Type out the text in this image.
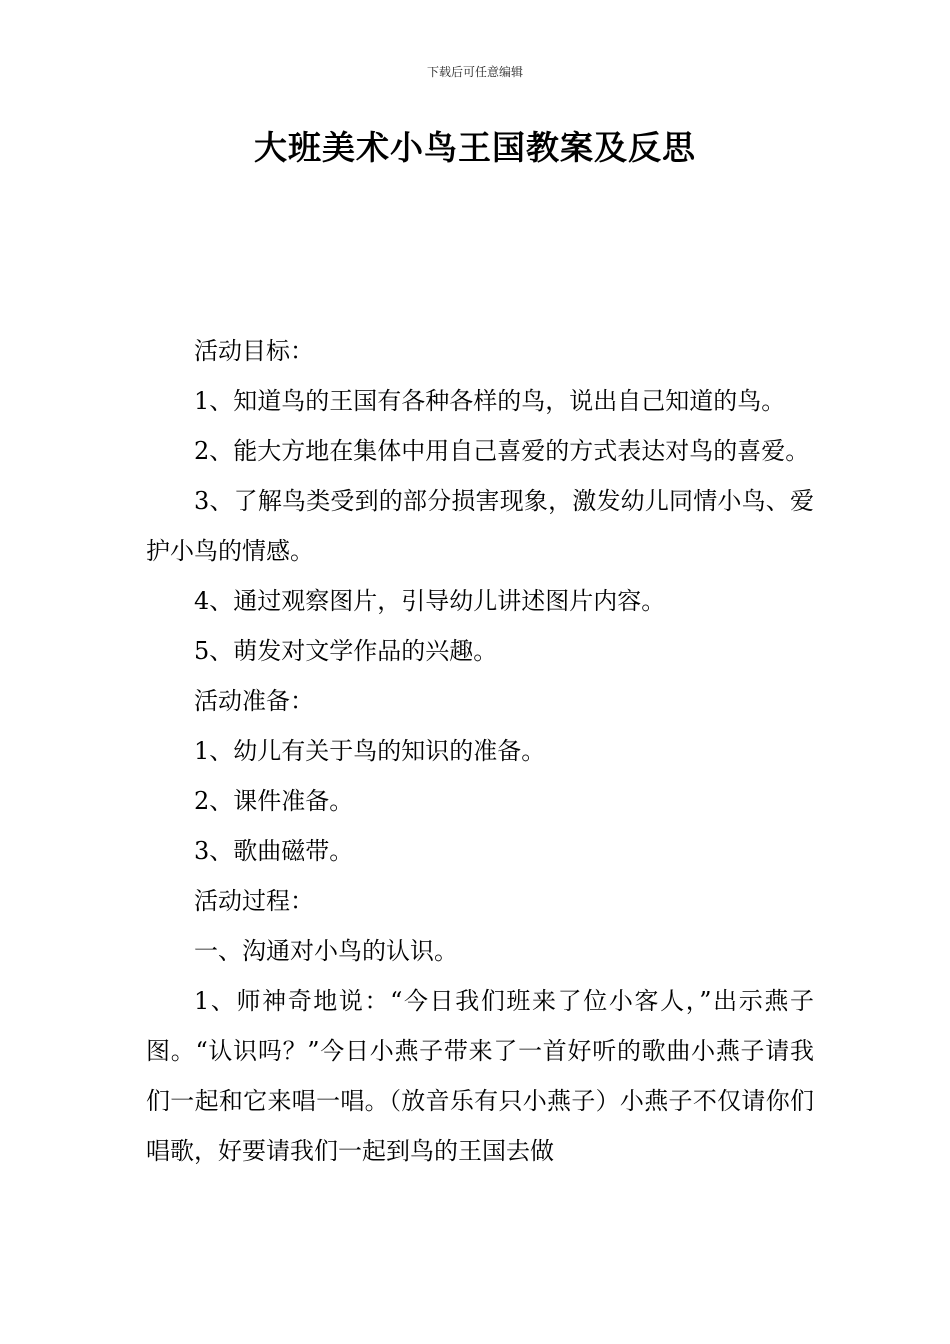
下载后可任意编辑
大班美术小鸟王国教案及反思

活动目标：

1、知道鸟的王国有各种各样的鸟，说出自己知道的鸟。

2、能大方地在集体中用自己喜爱的方式表达对鸟的喜爱。

3、了解鸟类受到的部分损害现象，激发幼儿同情小鸟、爱护小鸟的情感。

4、通过观察图片，引导幼儿讲述图片内容。

5、萌发对文学作品的兴趣。

活动准备：

1、幼儿有关于鸟的知识的准备。

2、课件准备。

3、歌曲磁带。

活动过程：

一、沟通对小鸟的认识。

1、师神奇地说：“今日我们班来了位小客人，”出示燕子图。“认识吗？”今日小燕子带来了一首好听的歌曲小燕子请我们一起和它来唱一唱。（放音乐有只小燕子）小燕子不仅请你们唱歌，好要请我们一起到鸟的王国去做
